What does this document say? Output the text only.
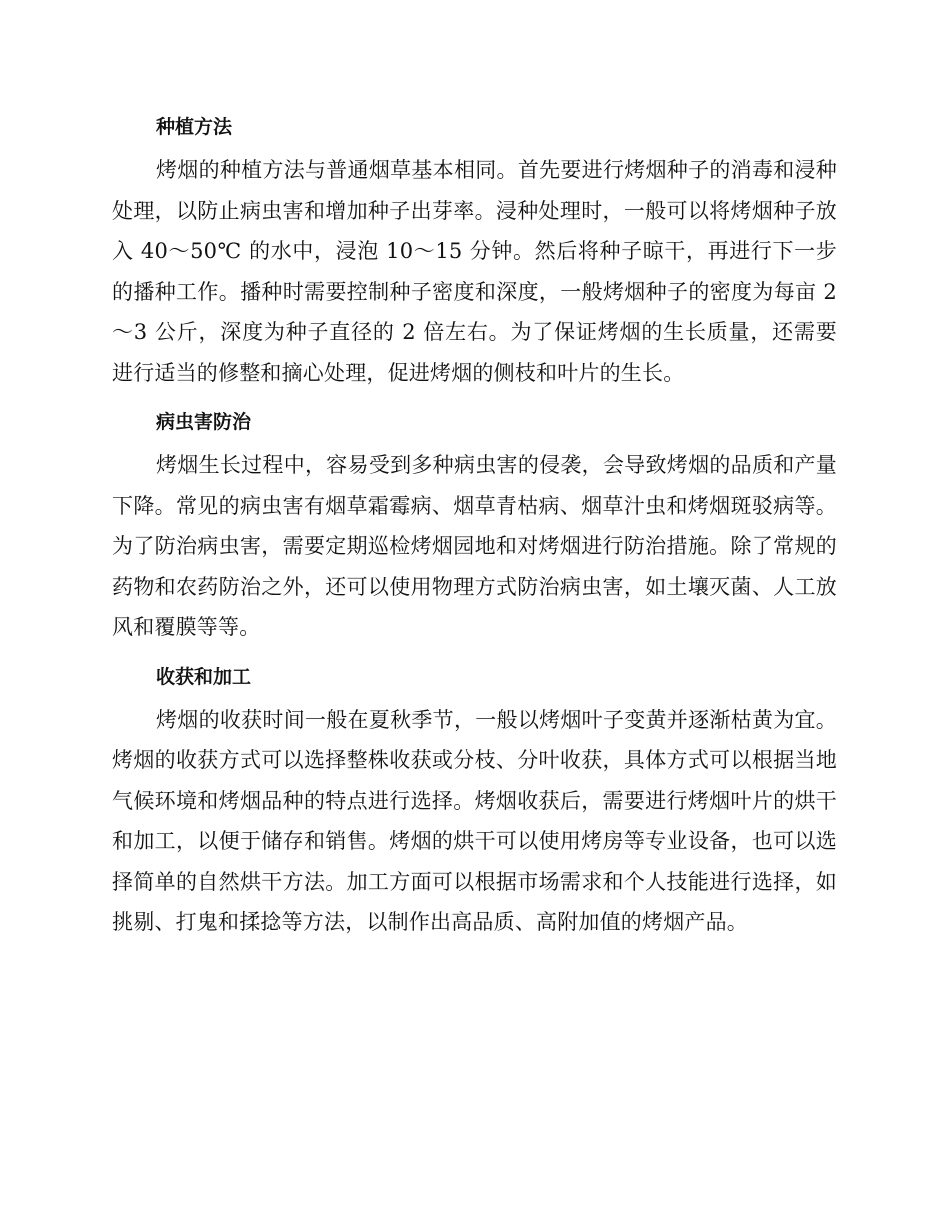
种植方法

烤烟的种植方法与普通烟草基本相同。首先要进行烤烟种子的消毒和浸种处理，以防止病虫害和增加种子出芽率。浸种处理时，一般可以将烤烟种子放入 40～50℃ 的水中，浸泡 10～15 分钟。然后将种子晾干，再进行下一步的播种工作。播种时需要控制种子密度和深度，一般烤烟种子的密度为每亩 2～3 公斤，深度为种子直径的 2 倍左右。为了保证烤烟的生长质量，还需要进行适当的修整和摘心处理，促进烤烟的侧枝和叶片的生长。

病虫害防治

烤烟生长过程中，容易受到多种病虫害的侵袭，会导致烤烟的品质和产量下降。常见的病虫害有烟草霜霉病、烟草青枯病、烟草汁虫和烤烟斑驳病等。为了防治病虫害，需要定期巡检烤烟园地和对烤烟进行防治措施。除了常规的药物和农药防治之外，还可以使用物理方式防治病虫害，如土壤灭菌、人工放风和覆膜等等。

收获和加工

烤烟的收获时间一般在夏秋季节，一般以烤烟叶子变黄并逐渐枯黄为宜。烤烟的收获方式可以选择整株收获或分枝、分叶收获，具体方式可以根据当地气候环境和烤烟品种的特点进行选择。烤烟收获后，需要进行烤烟叶片的烘干和加工，以便于储存和销售。烤烟的烘干可以使用烤房等专业设备，也可以选择简单的自然烘干方法。加工方面可以根据市场需求和个人技能进行选择，如挑剔、打鬼和揉捻等方法，以制作出高品质、高附加值的烤烟产品。
